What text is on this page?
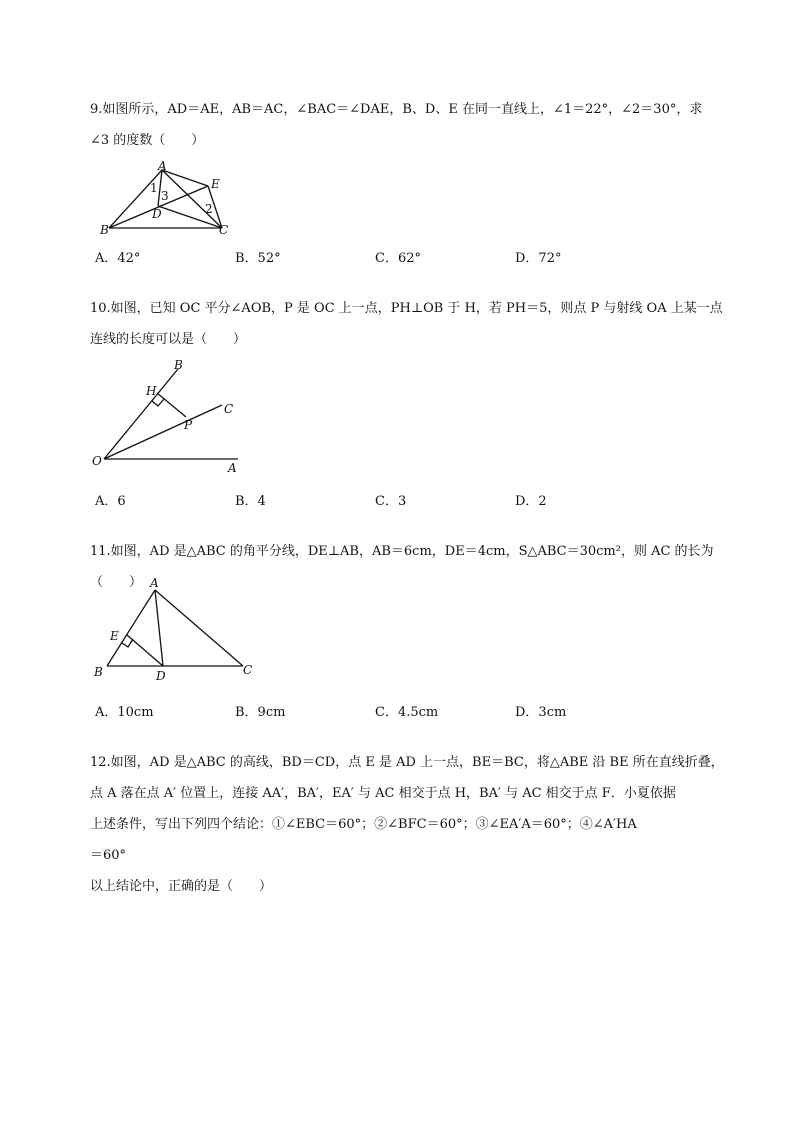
9.如图所示，AD＝AE，AB＝AC，∠BAC＝∠DAE，B、D、E 在同一直线上，∠1＝22°，∠2＝30°，求

∠3 的度数（　　）

A
E
1
3
D	2
B	C
A．42°	B．52°	C．62°	D．72°

10.如图，已知 OC 平分∠AOB，P 是 OC 上一点，PH⊥OB 于 H，若 PH＝5，则点 P 与射线 OA 上某一点

连线的长度可以是（　　）

B
H
C
P
O	A
A．6	B．4	C．3	D．2

11.如图，AD 是△ABC 的角平分线，DE⊥AB，AB＝6cm，DE＝4cm，S△ABC＝30cm²，则 AC 的长为（　　） A
E
B	D	C
A．10cm	B．9cm	C．4.5cm	D．3cm

12.如图，AD 是△ABC 的高线，BD＝CD，点 E 是 AD 上一点，BE＝BC，将△ABE 沿 BE 所在直线折叠，

点 A 落在点 A′ 位置上，连接 AA′，BA′，EA′ 与 AC 相交于点 H，BA′ 与 AC 相交于点 F．小夏依据

上述条件，写出下列四个结论：①∠EBC＝60°；②∠BFC＝60°；③∠EA′A＝60°；④∠A′HA

＝60°

以上结论中，正确的是（　　）
